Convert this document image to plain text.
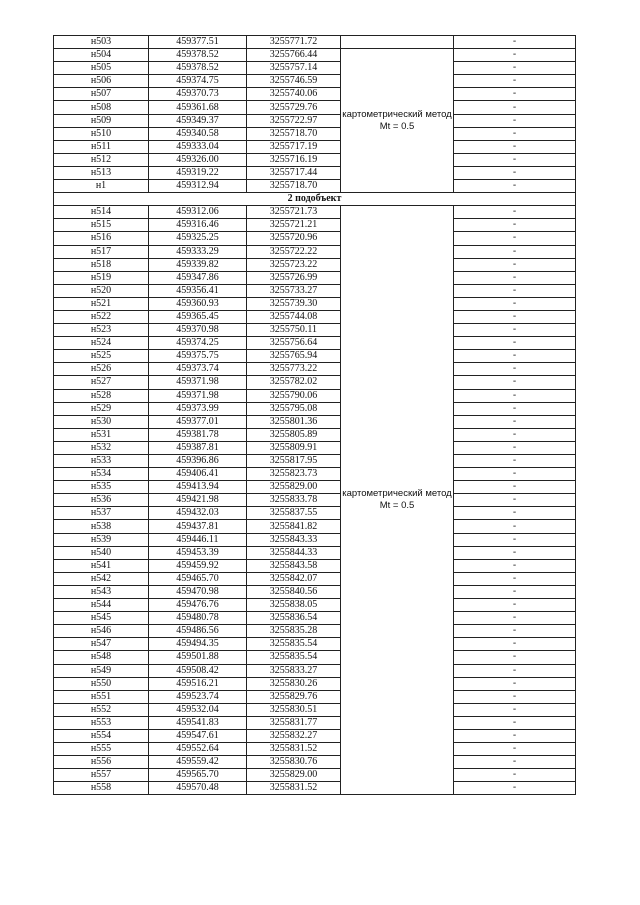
н503	459377.51	3255771.72		-
н504	459378.52	3255766.44	картометрический метод Mt = 0.5	-
н505	459378.52	3255757.14		-
н506	459374.75	3255746.59		-
н507	459370.73	3255740.06		-
н508	459361.68	3255729.76		-
н509	459349.37	3255722.97		-
н510	459340.58	3255718.70		-
н511	459333.04	3255717.19		-
н512	459326.00	3255716.19		-
н513	459319.22	3255717.44		-
н1	459312.94	3255718.70		-
2 подобъект				
н514	459312.06	3255721.73	картометрический метод Mt = 0.5	-
н515	459316.46	3255721.21		-
н516	459325.25	3255720.96		-
н517	459333.29	3255722.22		-
н518	459339.82	3255723.22		-
н519	459347.86	3255726.99		-
н520	459356.41	3255733.27		-
н521	459360.93	3255739.30		-
н522	459365.45	3255744.08		-
н523	459370.98	3255750.11		-
н524	459374.25	3255756.64		-
н525	459375.75	3255765.94		-
н526	459373.74	3255773.22		-
н527	459371.98	3255782.02		-
н528	459371.98	3255790.06		-
н529	459373.99	3255795.08		-
н530	459377.01	3255801.36		-
н531	459381.78	3255805.89		-
н532	459387.81	3255809.91		-
н533	459396.86	3255817.95		-
н534	459406.41	3255823.73		-
н535	459413.94	3255829.00		-
н536	459421.98	3255833.78		-
н537	459432.03	3255837.55		-
н538	459437.81	3255841.82		-
н539	459446.11	3255843.33		-
н540	459453.39	3255844.33		-
н541	459459.92	3255843.58		-
н542	459465.70	3255842.07		-
н543	459470.98	3255840.56		-
н544	459476.76	3255838.05		-
н545	459480.78	3255836.54		-
н546	459486.56	3255835.28		-
н547	459494.35	3255835.54		-
н548	459501.88	3255835.54		-
н549	459508.42	3255833.27		-
н550	459516.21	3255830.26		-
н551	459523.74	3255829.76		-
н552	459532.04	3255830.51		-
н553	459541.83	3255831.77		-
н554	459547.61	3255832.27		-
н555	459552.64	3255831.52		-
н556	459559.42	3255830.76		-
н557	459565.70	3255829.00		-
н558	459570.48	3255831.52		-
